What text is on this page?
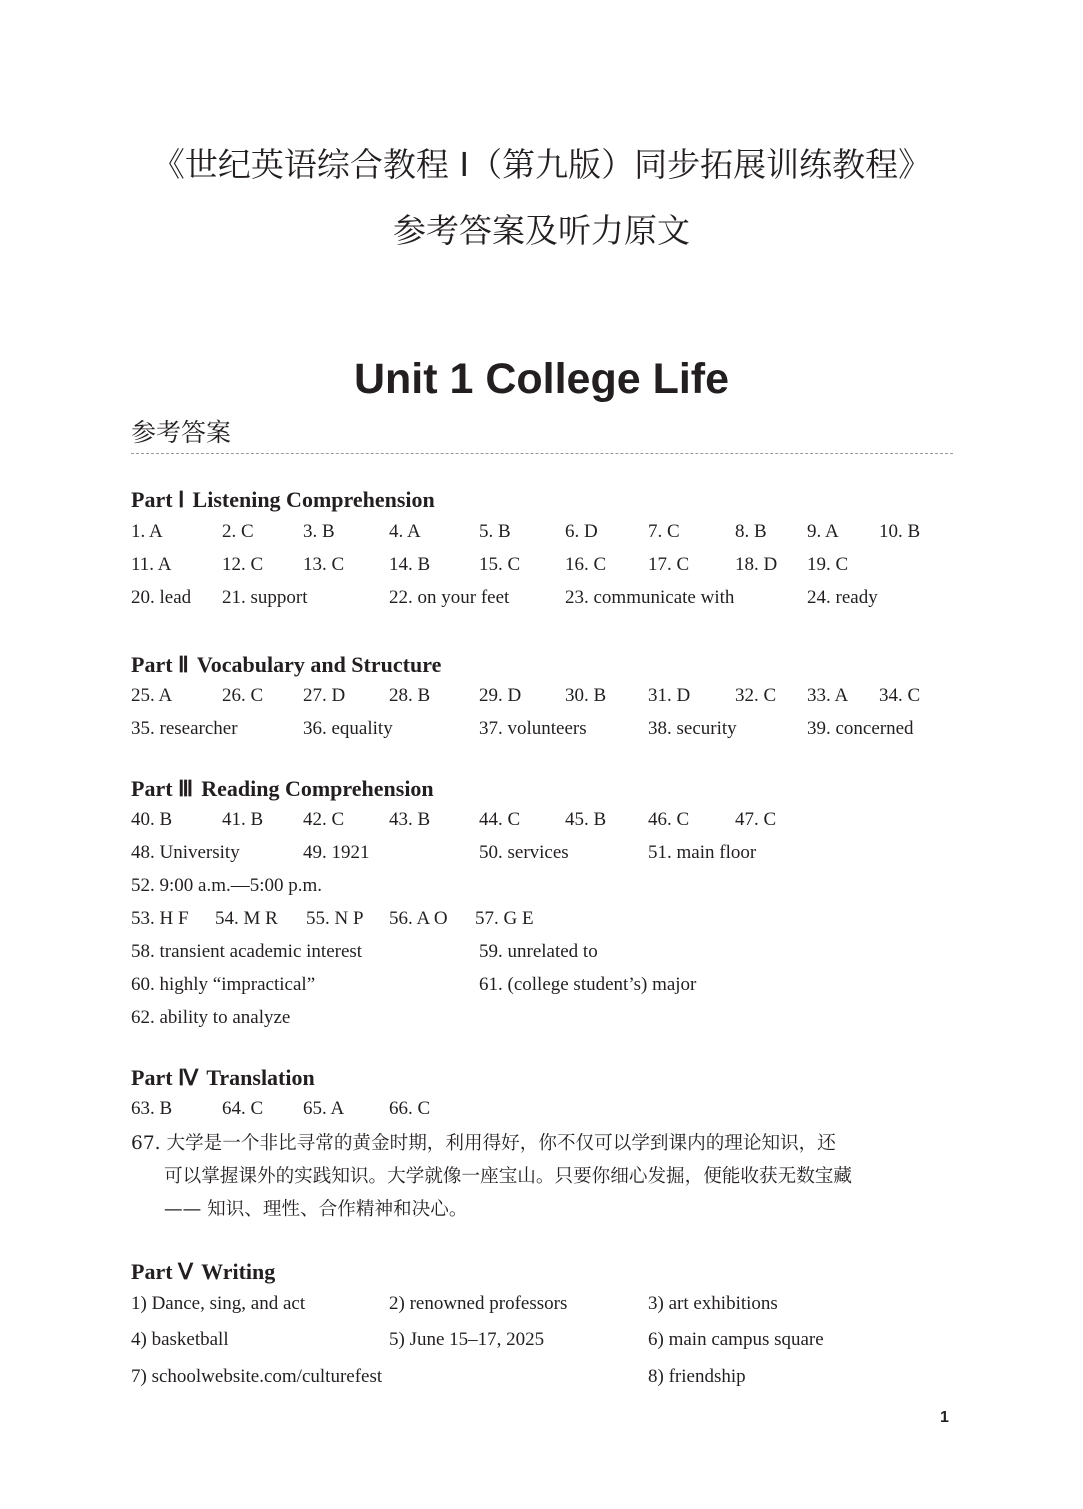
《世纪英语综合教程 I（第九版）同步拓展训练教程》
参考答案及听力原文
Unit 1 College Life
参考答案
Part Ⅰ Listening Comprehension
1. A	2. C	3. B	4. A	5. B	6. D	7. C	8. B 9. A 10. B
11. A	12. C 13. C 14. B	15. C 16. C 17. C 18. D 19. C
20. lead 21. support	22. on your feet	23. communicate with	24. ready
Part Ⅱ Vocabulary and Structure
25. A	26. C 27. D 28. B	29. D 30. B 31. D 32. C 33. A 34. C
35. researcher	36. equality	37. volunteers	38. security	39. concerned
Part Ⅲ Reading Comprehension
40. B	41. B 42. C 43. B	44. C 45. B 46. C 47. C
48. University	49. 1921	50. services	51. main floor
52. 9:00 a.m.—5:00 p.m.
53. H F 54. M R 55. N P 56. A O 57. G E
58. transient academic interest	59. unrelated to
60. highly “impractical”	61. (college student’s) major
62. ability to analyze
Part Ⅳ Translation
63. B	64. C 65. A 66. C
67. 大学是一个非比寻常的黄金时期，利用得好，你不仅可以学到课内的理论知识，还
可以掌握课外的实践知识。大学就像一座宝山。只要你细心发掘，便能收获无数宝藏
—— 知识、理性、合作精神和决心。
Part Ⅴ Writing
1) Dance, sing, and act	2) renowned professors	3) art exhibitions
4) basketball	5) June 15–17, 2025	6) main campus square
7) schoolwebsite.com/culturefest	8) friendship
1
